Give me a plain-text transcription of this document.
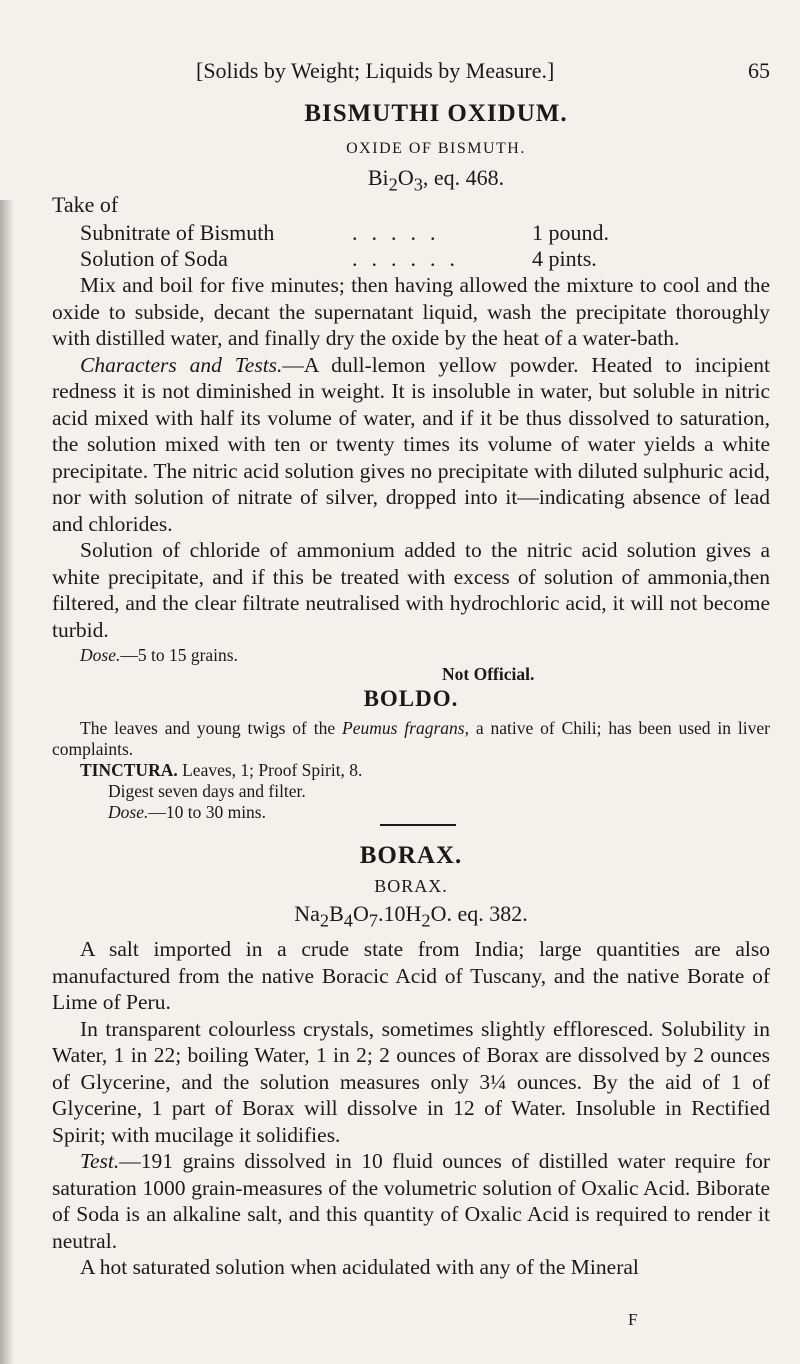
[Solids by Weight; Liquids by Measure.]	65
BISMUTHI OXIDUM.
OXIDE OF BISMUTH.
$Bi_2O_3$, eq. 468.
Take of
Subnitrate of Bismuth	.....	1 pound.
Solution of Soda	......	4 pints.

Mix and boil for five minutes; then having allowed the mixture to cool and the oxide to subside, decant the supernatant liquid, wash the precipitate thoroughly with distilled water, and finally dry the oxide by the heat of a water-bath.

Characters and Tests.—A dull-lemon yellow powder. Heated to incipient redness it is not diminished in weight. It is insoluble in water, but soluble in nitric acid mixed with half its volume of water, and if it be thus dissolved to saturation, the solution mixed with ten or twenty times its volume of water yields a white precipitate. The nitric acid solution gives no precipitate with diluted sulphuric acid, nor with solution of nitrate of silver, dropped into it—indicating absence of lead and chlorides.

Solution of chloride of ammonium added to the nitric acid solution gives a white precipitate, and if this be treated with excess of solution of ammonia,then filtered, and the clear filtrate neutralised with hydrochloric acid, it will not become turbid.

Dose.—5 to 15 grains.
Not Official.
BOLDO.

The leaves and young twigs of the Peumus fragrans, a native of Chili; has been used in liver complaints.

TINCTURA. Leaves, 1; Proof Spirit, 8.
Digest seven days and filter.
Dose.—10 to 30 mins.
BORAX.
BORAX.
$Na_2B_4O_7.10H_2O$. eq. 382.

A salt imported in a crude state from India; large quantities are also manufactured from the native Boracic Acid of Tuscany, and the native Borate of Lime of Peru.

In transparent colourless crystals, sometimes slightly effloresced. Solubility in Water, 1 in 22; boiling Water, 1 in 2; 2 ounces of Borax are dissolved by 2 ounces of Glycerine, and the solution measures only 3¼ ounces. By the aid of 1 of Glycerine, 1 part of Borax will dissolve in 12 of Water. Insoluble in Rectified Spirit; with mucilage it solidifies.

Test.—191 grains dissolved in 10 fluid ounces of distilled water require for saturation 1000 grain-measures of the volumetric solution of Oxalic Acid. Biborate of Soda is an alkaline salt, and this quantity of Oxalic Acid is required to render it neutral.

A hot saturated solution when acidulated with any of the Mineral

F
